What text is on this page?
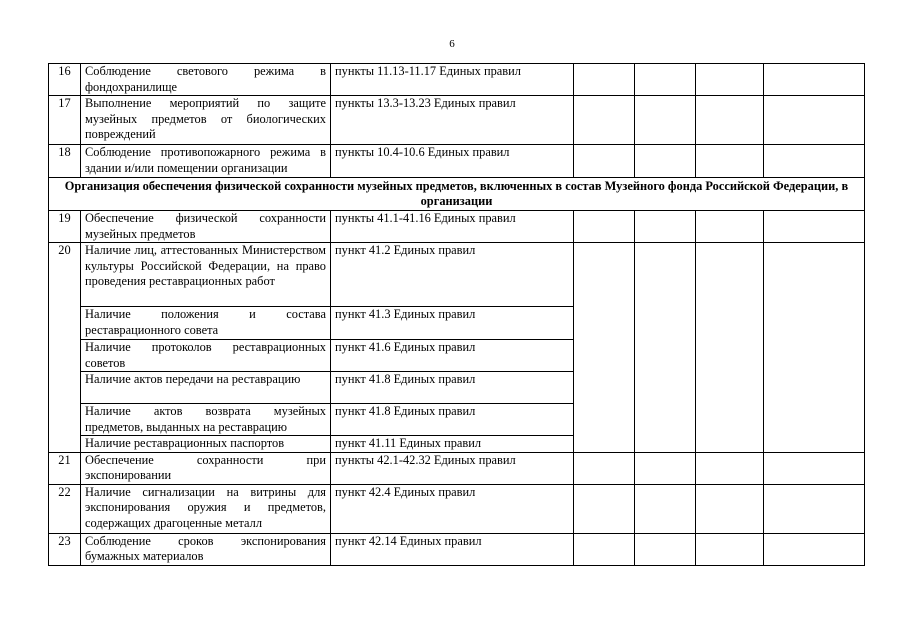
6
16	Соблюдение светового режима в фондохранилище	пункты 11.13-11.17 Единых правил				
17	Выполнение мероприятий по защите музейных предметов от биологических повреждений	пункты 13.3-13.23 Единых правил				
18	Соблюдение противопожарного режима в здании и/или помещении организации	пункты 10.4-10.6 Единых правил				
Организация обеспечения физической сохранности музейных предметов, включенных в состав Музейного фонда Российской Федерации, в организации						
19	Обеспечение физической сохранности музейных предметов	пункты 41.1-41.16 Единых правил				
20	Наличие лиц, аттестованных Министерством культуры Российской Федерации, на право проведения реставрационных работ	пункт 41.2 Единых правил				
	Наличие положения и состава реставрационного совета	пункт 41.3 Единых правил				
	Наличие протоколов реставрационных советов	пункт 41.6 Единых правил				
	Наличие актов передачи на реставрацию	пункт 41.8 Единых правил				
	Наличие актов возврата музейных предметов, выданных на реставрацию	пункт 41.8 Единых правил				
	Наличие реставрационных паспортов	пункт 41.11 Единых правил				
21	Обеспечение сохранности при экспонировании	пункты 42.1-42.32 Единых правил				
22	Наличие сигнализации на витрины для экспонирования оружия и предметов, содержащих драгоценные металл	пункт 42.4 Единых правил				
23	Соблюдение сроков экспонирования бумажных материалов	пункт 42.14 Единых правил				
